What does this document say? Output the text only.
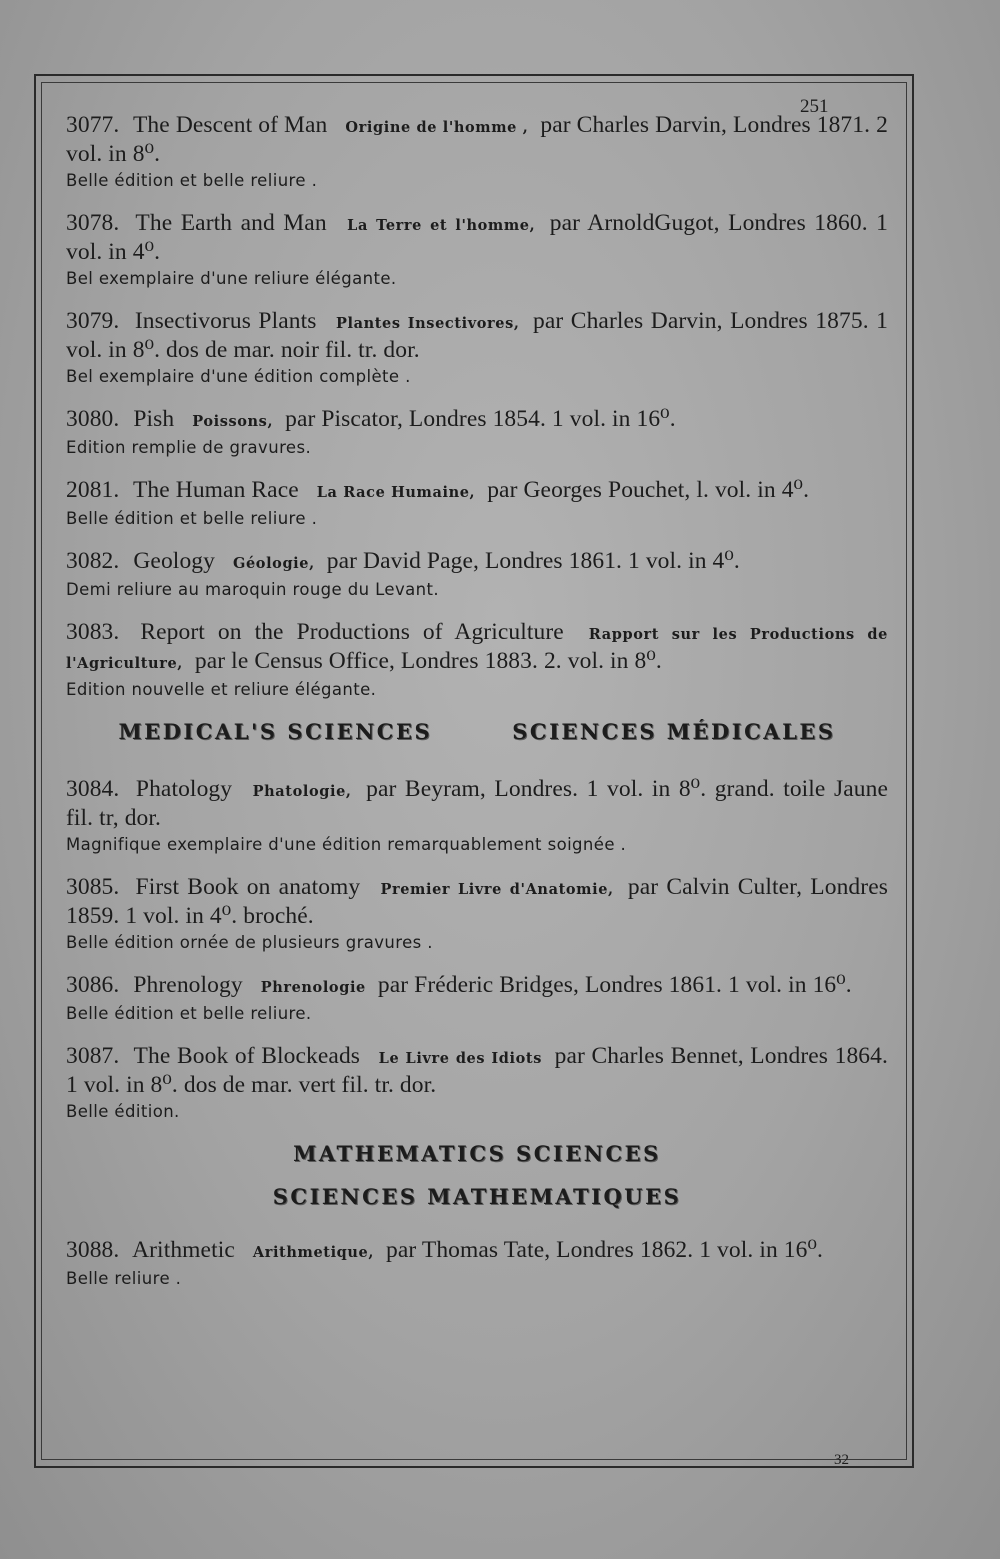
251
32
3077. The Descent of Man Origine de l'homme , par Charles Darvin, Londres 1871. 2 vol. in 8⁰.
Belle édition et belle reliure .
3078. The Earth and Man La Terre et l'homme, par ArnoldGugot, Londres 1860. 1 vol. in 4⁰.
Bel exemplaire d'une reliure élégante.
3079. Insectivorus Plants Plantes Insectivores, par Charles Darvin, Londres 1875. 1 vol. in 8⁰. dos de mar. noir fil. tr. dor.
Bel exemplaire d'une édition complète .
3080. Pish Poissons, par Piscator, Londres 1854. 1 vol. in 16⁰.
Edition remplie de gravures.
2081. The Human Race La Race Humaine, par Georges Pouchet, l. vol. in 4⁰.
Belle édition et belle reliure .
3082. Geology Géologie, par David Page, Londres 1861. 1 vol. in 4⁰.
Demi reliure au maroquin rouge du Levant.
3083. Report on the Productions of Agriculture Rapport sur les Productions de l'Agriculture, par le Census Office, Londres 1883. 2. vol. in 8⁰.
Edition nouvelle et reliure élégante.
MEDICAL'S SCIENCES	SCIENCES MÉDICALES
3084. Phatology Phatologie, par Beyram, Londres. 1 vol. in 8⁰. grand. toile Jaune fil. tr, dor.
Magnifique exemplaire d'une édition remarquablement soignée .
3085. First Book on anatomy Premier Livre d'Anatomie, par Calvin Culter, Londres 1859. 1 vol. in 4⁰. broché.
Belle édition ornée de plusieurs gravures .
3086. Phrenology Phrenologie par Fréderic Bridges, Londres 1861. 1 vol. in 16⁰.
Belle édition et belle reliure.
3087. The Book of Blockeads Le Livre des Idiots par Charles Bennet, Londres 1864. 1 vol. in 8⁰. dos de mar. vert fil. tr. dor.
Belle édition.
MATHEMATICS SCIENCES
SCIENCES MATHEMATIQUES
3088. Arithmetic Arithmetique, par Thomas Tate, Londres 1862. 1 vol. in 16⁰.
Belle reliure .
